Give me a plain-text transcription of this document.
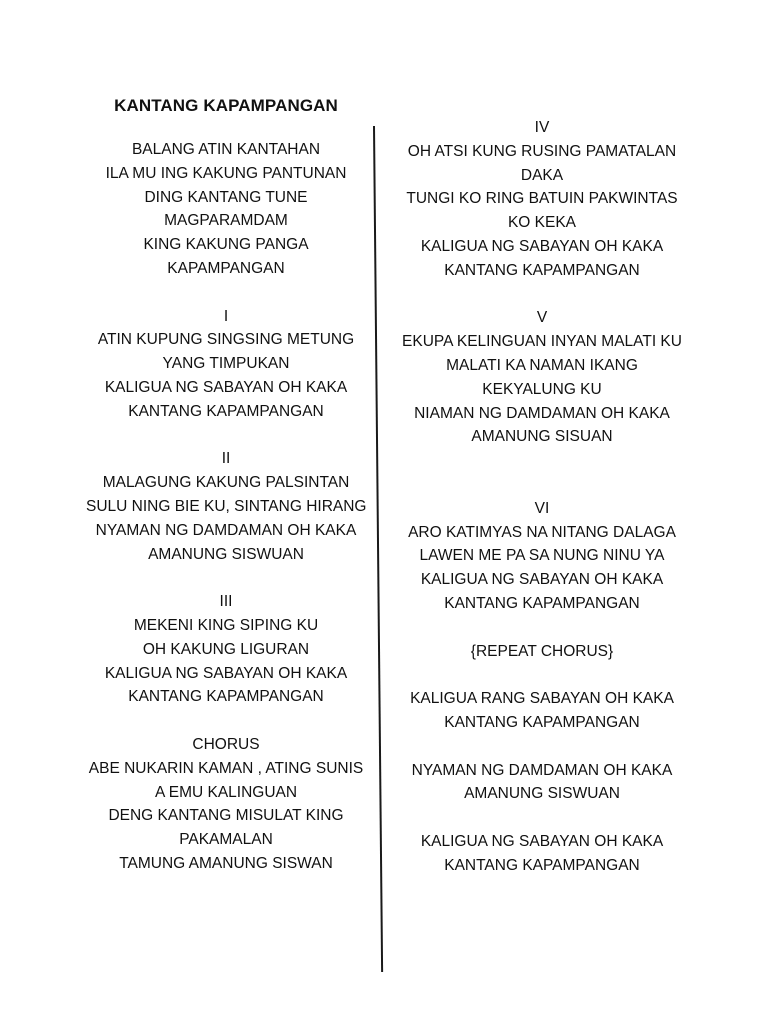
KANTANG KAPAMPANGAN
BALANG ATIN KANTAHAN
ILA MU ING KAKUNG PANTUNAN
DING KANTANG TUNE
MAGPARAMDAM
KING KAKUNG PANGA
KAPAMPANGAN
I
ATIN KUPUNG SINGSING METUNG
YANG TIMPUKAN
KALIGUA NG SABAYAN OH KAKA
KANTANG KAPAMPANGAN
II
MALAGUNG KAKUNG PALSINTAN
SULU NING BIE KU, SINTANG HIRANG
NYAMAN NG DAMDAMAN OH KAKA
AMANUNG SISWUAN
III
MEKENI KING SIPING KU
OH KAKUNG LIGURAN
KALIGUA NG SABAYAN OH KAKA
KANTANG KAPAMPANGAN
CHORUS
ABE NUKARIN KAMAN , ATING SUNIS
A EMU KALINGUAN
DENG KANTANG MISULAT KING
PAKAMALAN
TAMUNG AMANUNG SISWAN
IV
OH ATSI KUNG RUSING PAMATALAN
DAKA
TUNGI KO RING BATUIN PAKWINTAS
KO KEKA
KALIGUA NG SABAYAN OH KAKA
KANTANG KAPAMPANGAN
V
EKUPA KELINGUAN INYAN MALATI KU
MALATI KA NAMAN IKANG
KEKYALUNG KU
NIAMAN NG DAMDAMAN OH KAKA
AMANUNG SISUAN
VI
ARO KATIMYAS NA NITANG DALAGA
LAWEN ME PA SA NUNG NINU YA
KALIGUA NG SABAYAN OH KAKA
KANTANG KAPAMPANGAN
{REPEAT CHORUS}
KALIGUA RANG SABAYAN OH KAKA
KANTANG KAPAMPANGAN
NYAMAN NG DAMDAMAN OH KAKA
AMANUNG SISWUAN
KALIGUA NG SABAYAN OH KAKA
KANTANG KAPAMPANGAN
